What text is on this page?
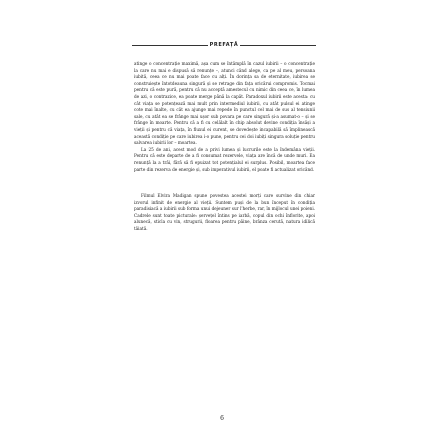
PREFAȚĂ

atinge o concentrație maximă, așa cum se întâmplă în cazul iubirii – o concentrație la care nu mai e dispusă să renunțe –, atunci când alege, ca pe al meu, persoana iubită, ceea ce nu mai poate face cu alți. În dorința sa de eternitate, iubirea se construiește întotdeauna singură și se retrage din fața oricărui compromis. Tocmai pentru că este pură, pentru că nu acceptă amestecul cu nimic din ceea ce, în lumea de azi, o contrazice, ea poate merge până la capăt. Paradoxul iubirii este acesta: cu cât viața se potențează mai mult prin intermediul iubirii, cu atât pulsul ei atinge cote mai înalte, cu cât ea ajunge mai repede în punctul cel mai de sus al tensiunii sale, cu atât ea se frânge mai ușor sub povara pe care singură și-a asumat-o – și se frânge în moarte. Pentru că a fi cu celălalt în chip absolut devine condiția însăși a vieții și pentru că viața, în fluxul ei curent, se dovedește incapabilă să împlinească această condiție pe care iubirea i-o pune, pentru cei doi iubiți singura soluție pentru salvarea iubirii lor – moartea.

La 25 de ani, acest mod de a privi lumea și lucrurile este la îndemâna vieții. Pentru că este departe de a fi consumat rezervele, viața are încă de unde muri. Ea renunță la a trăi, fără să fi epuizat tot potențialul ei surplus. Posibil, moartea face parte din rezerva de energie și, sub imperativul iubirii, el poate fi actualizat oricând.

Filmul Elvira Madigan spune povestea acestei morți care survine din chiar izvorul infinit de energie al vieții. Suntem puși de la bun început în condiția paradisiacă a iubirii sub forma unui dejeuner sur l'herbe, rar, în mijlocul unei poieni. Cadrele sunt toate picturale: șervețel întins pe iarbă, copul din ochi înflorite, apoi alunecă, sticla cu vin, strugurii, floarea pentru pâine, brânza cerută, natura idilică tăiată.

6
